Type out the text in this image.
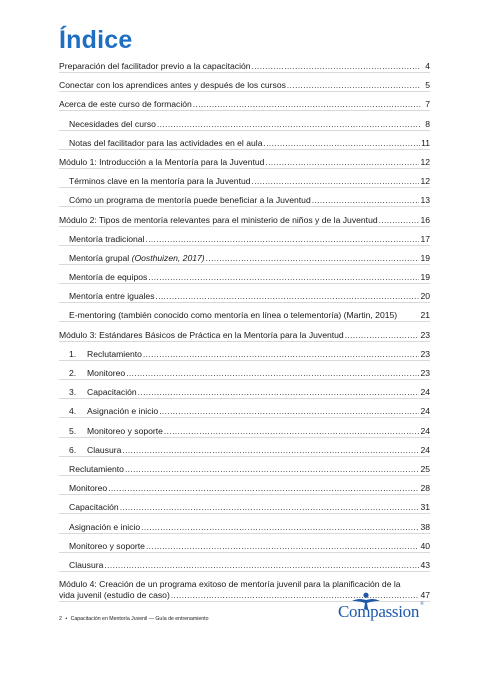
Índice
Preparación del facilitador previo a la capacitación .....	4
Conectar con los aprendices antes y después de los cursos .....	5
Acerca de este curso de formación .....	7
Necesidades del curso .....	8
Notas del facilitador para las actividades en el aula .....	11
Módulo 1: Introducción a la Mentoría para la Juventud .....	12
Términos clave en la mentoría para la Juventud .....	12
Cómo un programa de mentoría puede beneficiar a la Juventud .....	13
Módulo 2: Tipos de mentoría relevantes para el ministerio de niños y de la Juventud .....	16
Mentoría tradicional .....	17
Mentoría grupal (Oosthuizen, 2017) .....	19
Mentoría de equipos .....	19
Mentoría entre iguales .....	20
E-mentoring (también conocido como mentoría en línea o telementoría) (Martin, 2015)	21
Módulo 3: Estándares Básicos de Práctica en la Mentoría para la Juventud .....	23
1. Reclutamiento .....	23
2. Monitoreo .....	23
3. Capacitación .....	24
4. Asignación e inicio .....	24
5. Monitoreo y soporte .....	24
6. Clausura .....	24
Reclutamiento .....	25
Monitoreo .....	28
Capacitación .....	31
Asignación e inicio .....	38
Monitoreo y soporte .....	40
Clausura .....	43
Módulo 4: Creación de un programa exitoso de mentoría juvenil para la planificación de la
vida juvenil (estudio de caso) .....	47
2 • Capacitación en Mentoría Juvenil — Guía de entrenamiento	Compassion®
